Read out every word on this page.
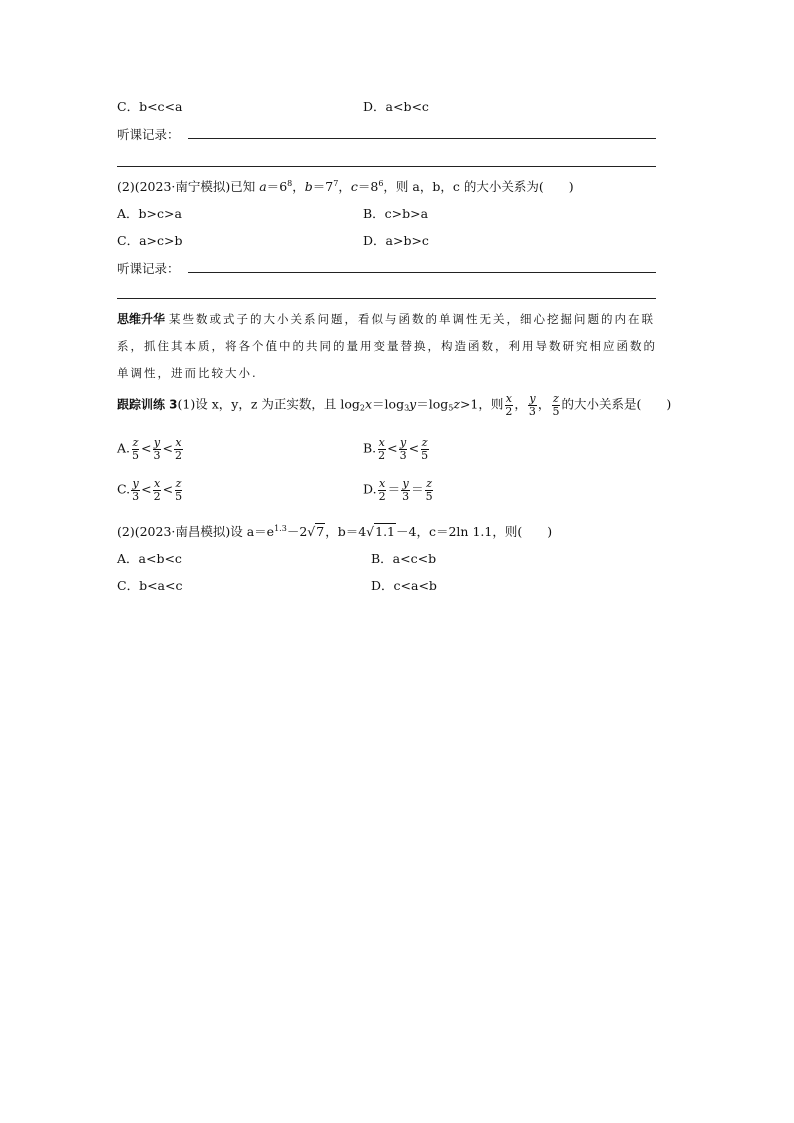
C．b<c<a	D．a<b<c
听课记录：
(2)(2023·南宁模拟)已知 $a=6^8$，$b=7^7$，$c=8^6$，则 a，b，c 的大小关系为(　　)
A．b>c>a	B．c>b>a
C．a>c>b	D．a>b>c
听课记录：
思维升华 某些数或式子的大小关系问题，看似与函数的单调性无关，细心挖掘问题的内在联
系，抓住其本质，将各个值中的共同的量用变量替换，构造函数，利用导数研究相应函数的
单调性，进而比较大小.
跟踪训练 3(1)设 x，y，z 为正实数，且 $\log_2x=\log_3y=\log_5z>1$，则 $\frac{x}{2}$ ， $\frac{y}{3}$ ， $\frac{z}{5}$ 的大小关系是(　　)
A. $\frac{z}{5} < \frac{y}{3} < \frac{x}{2}$	B. $\frac{x}{2} < \frac{y}{3} < \frac{z}{5}$
C. $\frac{y}{3} < \frac{x}{2} < \frac{z}{5}$	D. $\frac{x}{2} = \frac{y}{3} = \frac{z}{5}$
(2)(2023·南昌模拟)设 $a=e^{1.3}-2√7$，b＝4√1.1－4，c＝2ln 1.1，则(　　)
A．a<b<c	B．a<c<b
C．b<a<c	D．c<a<b
